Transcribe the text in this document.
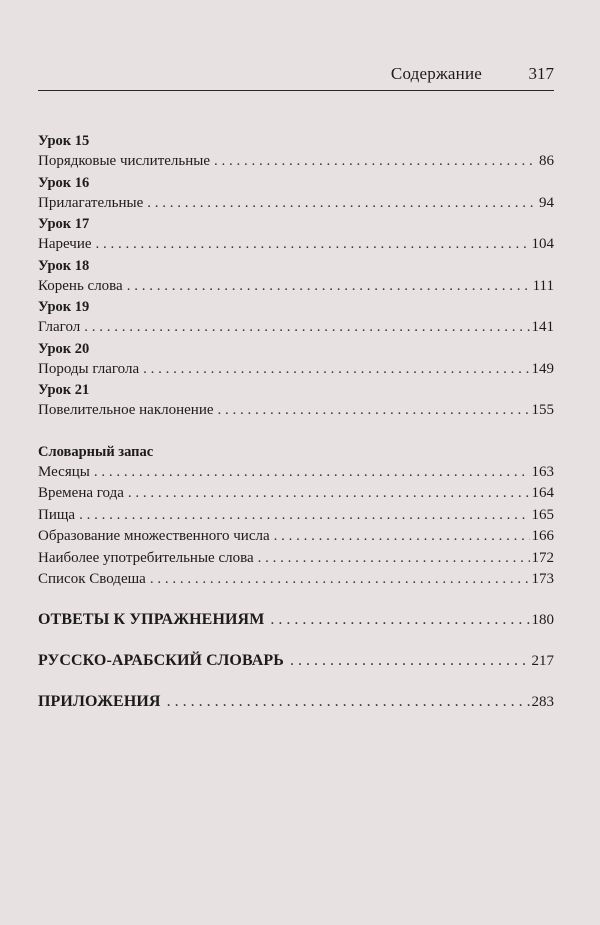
Содержание	317
Урок 15
Порядковые числительные . . .	86
Урок 16
Прилагательные . . .	94
Урок 17
Наречие . . .	104
Урок 18
Корень слова . . .	111
Урок 19
Глагол . . .	141
Урок 20
Породы глагола . . .	149
Урок 21
Повелительное наклонение . . .	155
Словарный запас
Месяцы . . .	163
Времена года . . .	164
Пища . . .	165
Образование множественного числа . . .	166
Наиболее употребительные слова . . .	172
Список Сводеша . . .	173
ОТВЕТЫ К УПРАЖНЕНИЯМ . . .	180
РУССКО-АРАБСКИЙ СЛОВАРЬ . . .	217
ПРИЛОЖЕНИЯ . . .	283
